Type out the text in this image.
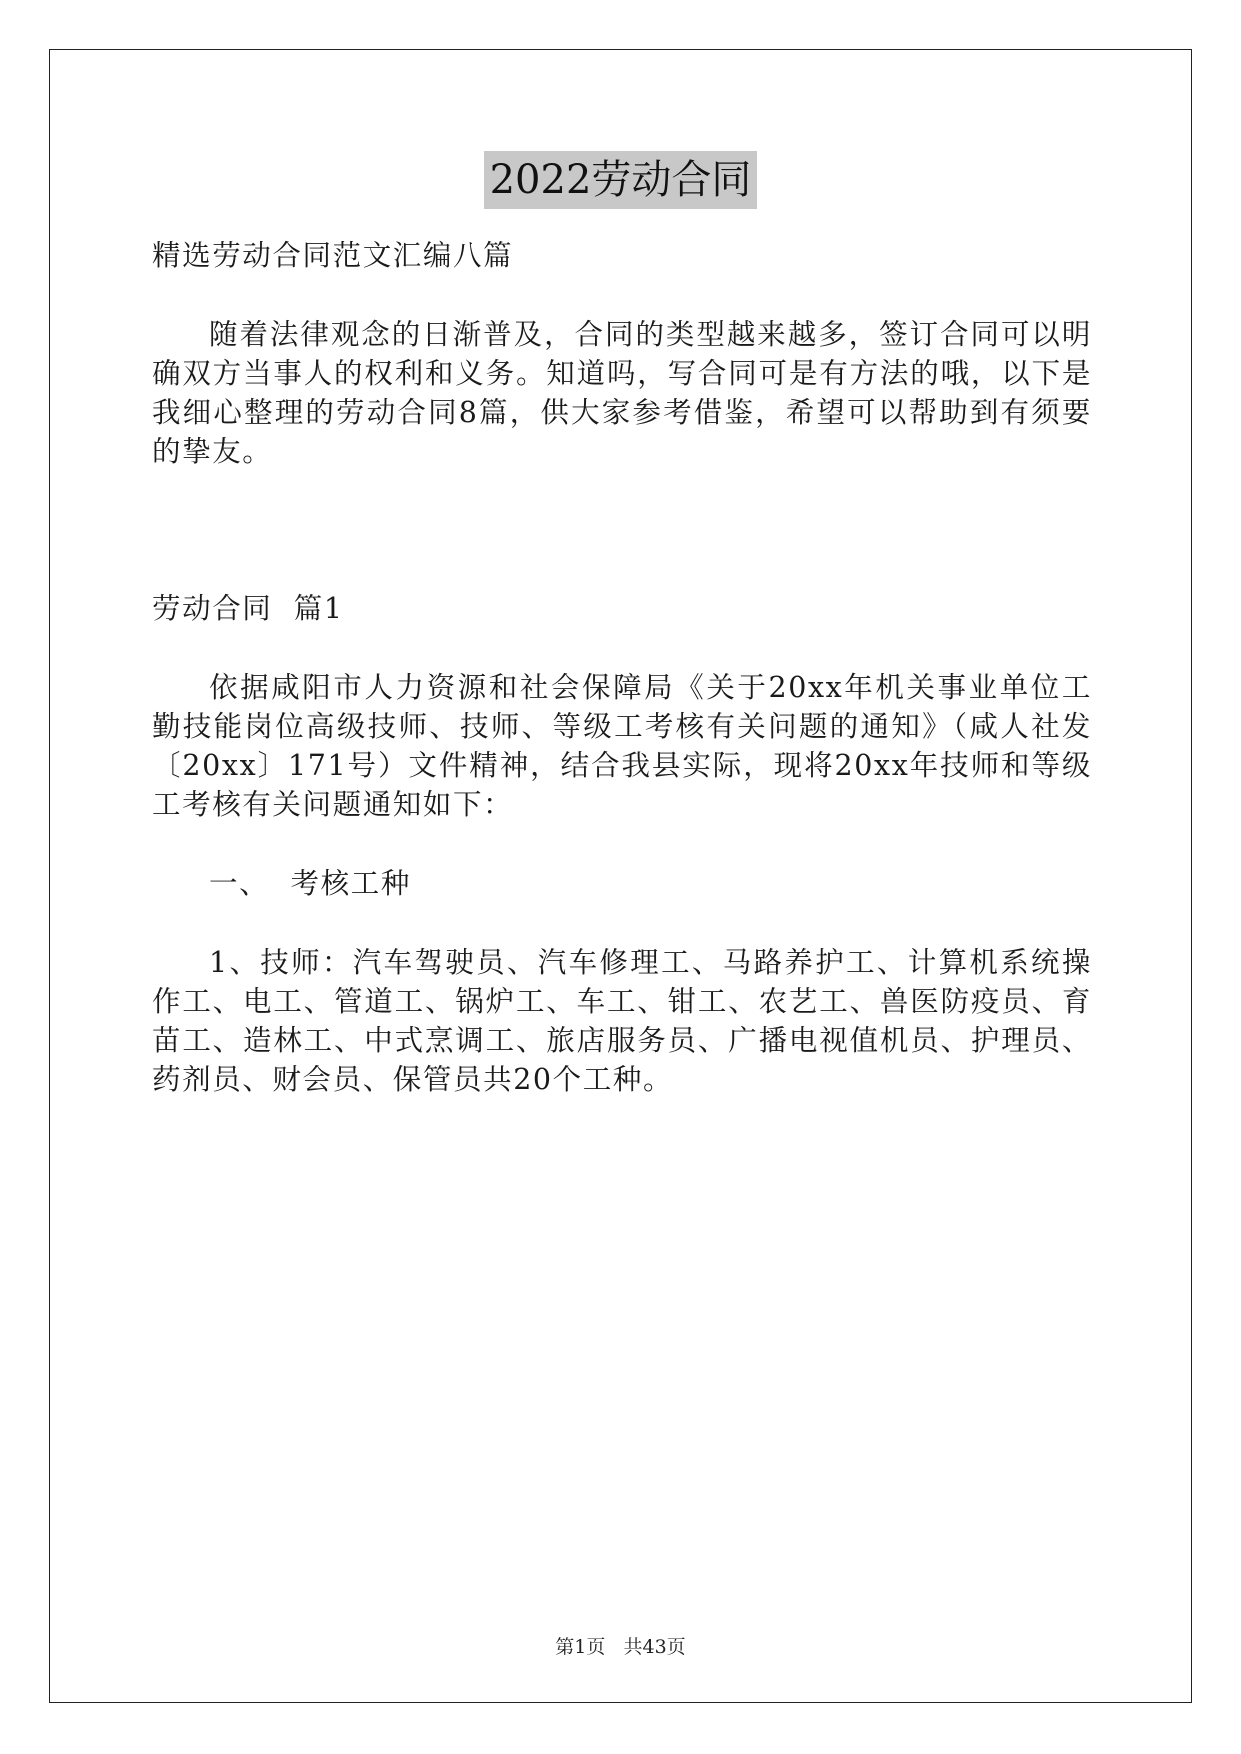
2022劳动合同

精选劳动合同范文汇编八篇

随着法律观念的日渐普及，合同的类型越来越多，签订合同可以明确双方当事人的权利和义务。知道吗，写合同可是有方法的哦，以下是我细心整理的劳动合同8篇，供大家参考借鉴，希望可以帮助到有须要的挚友。

劳动合同  篇1

依据咸阳市人力资源和社会保障局《关于20xx年机关事业单位工勤技能岗位高级技师、技师、等级工考核有关问题的通知》（咸人社发〔20xx〕171号）文件精神，结合我县实际，现将20xx年技师和等级工考核有关问题通知如下：

一、  考核工种

1、技师：汽车驾驶员、汽车修理工、马路养护工、计算机系统操作工、电工、管道工、锅炉工、车工、钳工、农艺工、兽医防疫员、育苗工、造林工、中式烹调工、旅店服务员、广播电视值机员、护理员、药剂员、财会员、保管员共20个工种。

第1页   共43页
